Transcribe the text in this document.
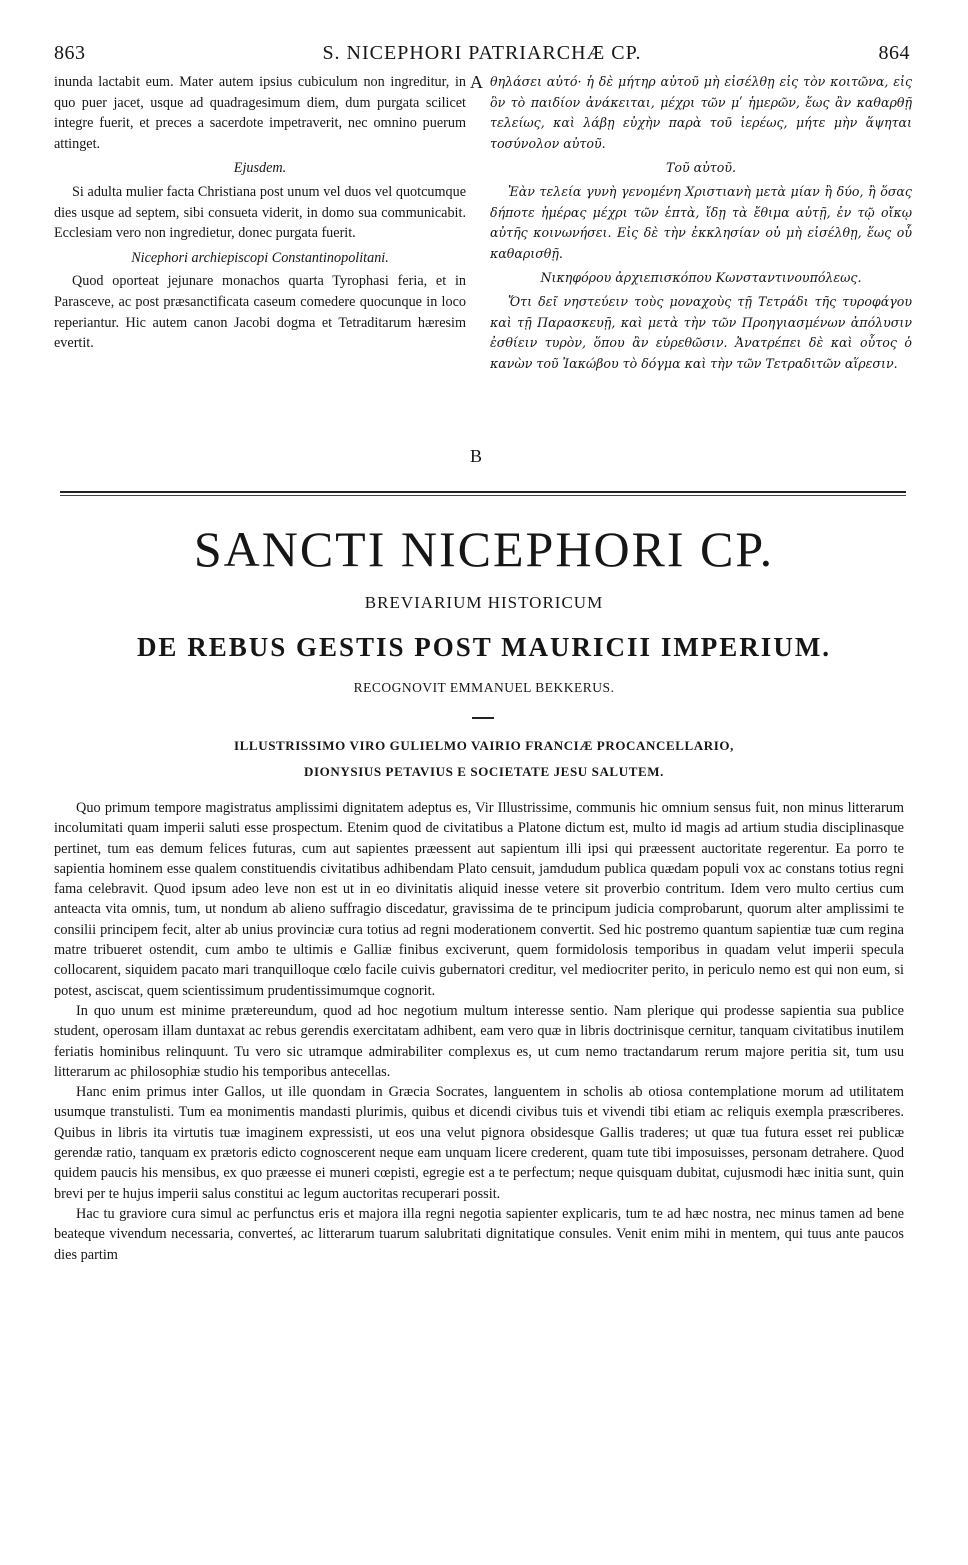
863	S. NICEPHORI PATRIARCHÆ CP.	864

inunda lactabit eum. Mater autem ipsius cubiculum non ingreditur, in quo puer jacet, usque ad quadragesimum diem, dum purgata scilicet integre fuerit, et preces a sacerdote impetraverit, nec omnino puerum attinget.

Ejusdem.

Si adulta mulier facta Christiana post unum vel duos vel quotcumque dies usque ad septem, sibi consueta viderit, in domo sua communicabit. Ecclesiam vero non ingredietur, donec purgata fuerit.

Nicephori archiepiscopi Constantinopolitani.

Quod oporteat jejunare monachos quarta Tyrophasi feria, et in Parasceve, ac post præsanctificata caseum comedere quocunque in loco reperiantur. Hic autem canon Jacobi dogma et Tetraditarum hæresim evertit.

A
B

θηλάσει αὐτό· ἡ δὲ μήτηρ αὐτοῦ μὴ εἰσέλθῃ εἰς τὸν κοιτῶνα, εἰς ὃν τὸ παιδίον ἀνάκειται, μέχρι τῶν μʹ ἡμερῶν, ἕως ἂν καθαρθῇ τελείως, καὶ λάβῃ εὐχὴν παρὰ τοῦ ἱερέως, μήτε μὴν ἅψηται τοσύνολον αὐτοῦ.

Τοῦ αὐτοῦ.

Ἐὰν τελεία γυνὴ γενομένη Χριστιανὴ μετὰ μίαν ἢ δύο, ἢ ὅσας δήποτε ἡμέρας μέχρι τῶν ἑπτὰ, ἴδῃ τὰ ἔθιμα αὐτῇ, ἐν τῷ οἴκῳ αὐτῆς κοινωνήσει. Εἰς δὲ τὴν ἐκκλησίαν οὐ μὴ εἰσέλθῃ, ἕως οὗ καθαρισθῇ.

Νικηφόρου ἀρχιεπισκόπου Κωνσταντινουπόλεως.

Ὅτι δεῖ νηστεύειν τοὺς μοναχοὺς τῇ Τετράδι τῆς τυροφάγου καὶ τῇ Παρασκευῇ, καὶ μετὰ τὴν τῶν Προηγιασμένων ἀπόλυσιν ἐσθίειν τυρὸν, ὅπου ἂν εὑρεθῶσιν. Ἀνατρέπει δὲ καὶ οὗτος ὁ κανὼν τοῦ Ἰακώβου τὸ δόγμα καὶ τὴν τῶν Τετραδιτῶν αἵρεσιν.

SANCTI NICEPHORI CP.
BREVIARIUM HISTORICUM
DE REBUS GESTIS POST MAURICII IMPERIUM.
RECOGNOVIT EMMANUEL BEKKERUS.
ILLUSTRISSIMO VIRO GULIELMO VAIRIO FRANCIÆ PROCANCELLARIO,
DIONYSIUS PETAVIUS E SOCIETATE JESU SALUTEM.

Quo primum tempore magistratus amplissimi dignitatem adeptus es, Vir Illustrissime, communis hic omnium sensus fuit, non minus litterarum incolumitati quam imperii saluti esse prospectum. Etenim quod de civitatibus a Platone dictum est, multo id magis ad artium studia disciplinasque pertinet, tum eas demum felices futuras, cum aut sapientes præessent aut sapientum illi ipsi qui præessent auctoritate regerentur. Ea porro te sapientia hominem esse qualem constituendis civitatibus adhibendam Plato censuit, jamdudum publica quædam populi vox ac constans totius regni fama celebravit. Quod ipsum adeo leve non est ut in eo divinitatis aliquid inesse vetere sit proverbio contritum. Idem vero multo certius cum anteacta vita omnis, tum, ut nondum ab alieno suffragio discedatur, gravissima de te principum judicia comprobarunt, quorum alter amplissimi te consilii principem fecit, alter ab unius provinciæ cura totius ad regni moderationem convertit. Sed hic postremo quantum sapientiæ tuæ cum regina matre tribueret ostendit, cum ambo te ultimis e Galliæ finibus exciverunt, quem formidolosis temporibus in quadam velut imperii specula collocarent, siquidem pacato mari tranquilloque cœlo facile cuivis gubernatori creditur, vel mediocriter perito, in periculo nemo est qui non eum, si potest, asciscat, quem scientissimum prudentissimumque cognorit.

In quo unum est minime prætereundum, quod ad hoc negotium multum interesse sentio. Nam plerique qui prodesse sapientia sua publice student, operosam illam duntaxat ac rebus gerendis exercitatam adhibent, eam vero quæ in libris doctrinisque cernitur, tanquam civitatibus inutilem feriatis hominibus relinquunt. Tu vero sic utramque admirabiliter complexus es, ut cum nemo tractandarum rerum majore peritia sit, tum usu litterarum ac philosophiæ studio his temporibus antecellas.

Hanc enim primus inter Gallos, ut ille quondam in Græcia Socrates, languentem in scholis ab otiosa contemplatione morum ad utilitatem usumque transtulisti. Tum ea monimentis mandasti plurimis, quibus et dicendi civibus tuis et vivendi tibi etiam ac reliquis exempla præscriberes. Quibus in libris ita virtutis tuæ imaginem expressisti, ut eos una velut pignora obsidesque Gallis traderes; ut quæ tua futura esset rei publicæ gerendæ ratio, tanquam ex prætoris edicto cognoscerent neque eam unquam licere crederent, quam tute tibi imposuisses, personam detrahere. Quod quidem paucis his mensibus, ex quo præesse ei muneri cœpisti, egregie est a te perfectum; neque quisquam dubitat, cujusmodi hæc initia sunt, quin brevi per te hujus imperii salus constitui ac legum auctoritas recuperari possit.

Hac tu graviore cura simul ac perfunctus eris et majora illa regni negotia sapienter explicaris, tum te ad hæc nostra, nec minus tamen ad bene beateque vivendum necessaria, converteś, ac litterarum tuarum salubritati dignitatique consules. Venit enim mihi in mentem, qui tuus ante paucos dies partim
